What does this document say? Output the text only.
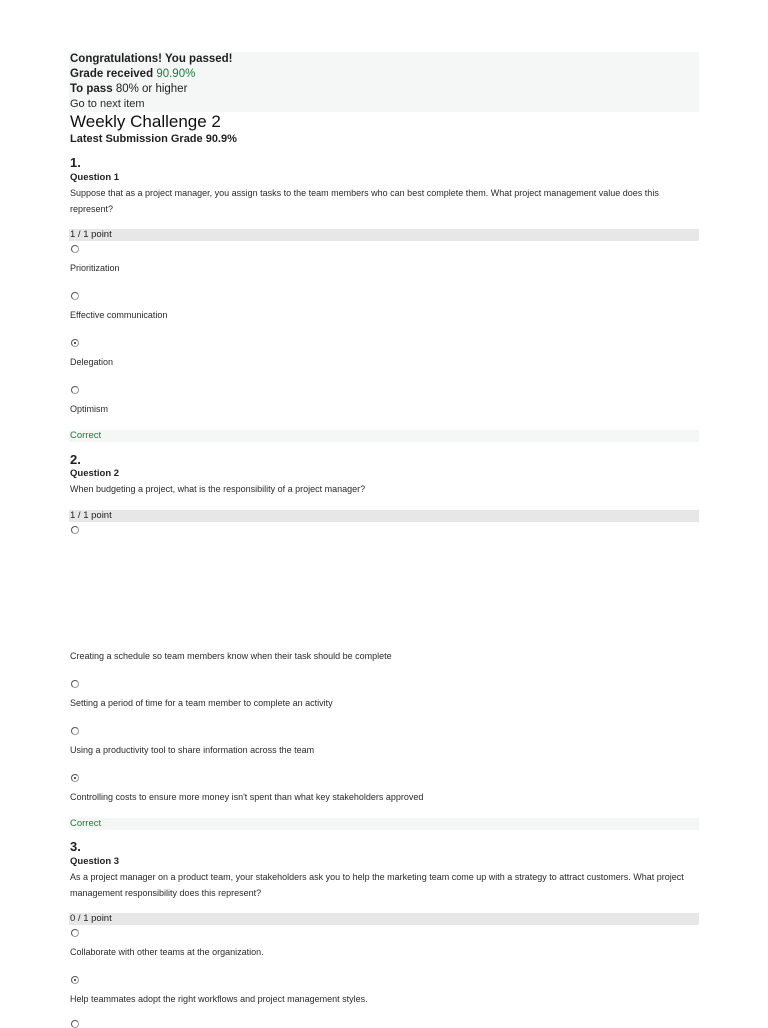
Congratulations! You passed!
Grade received 90.90%
To pass 80% or higher
Go to next item
Weekly Challenge 2
Latest Submission Grade 90.9%
1.
Question 1
Suppose that as a project manager, you assign tasks to the team members who can best complete them. What project management value does this represent?
1 / 1 point
Prioritization
Effective communication
Delegation
Optimism
Correct
2.
Question 2
When budgeting a project, what is the responsibility of a project manager?
1 / 1 point
Creating a schedule so team members know when their task should be complete
Setting a period of time for a team member to complete an activity
Using a productivity tool to share information across the team
Controlling costs to ensure more money isn't spent than what key stakeholders approved
Correct
3.
Question 3
As a project manager on a product team, your stakeholders ask you to help the marketing team come up with a strategy to attract customers. What project management responsibility does this represent?
0 / 1 point
Collaborate with other teams at the organization.
Help teammates adopt the right workflows and project management styles.
